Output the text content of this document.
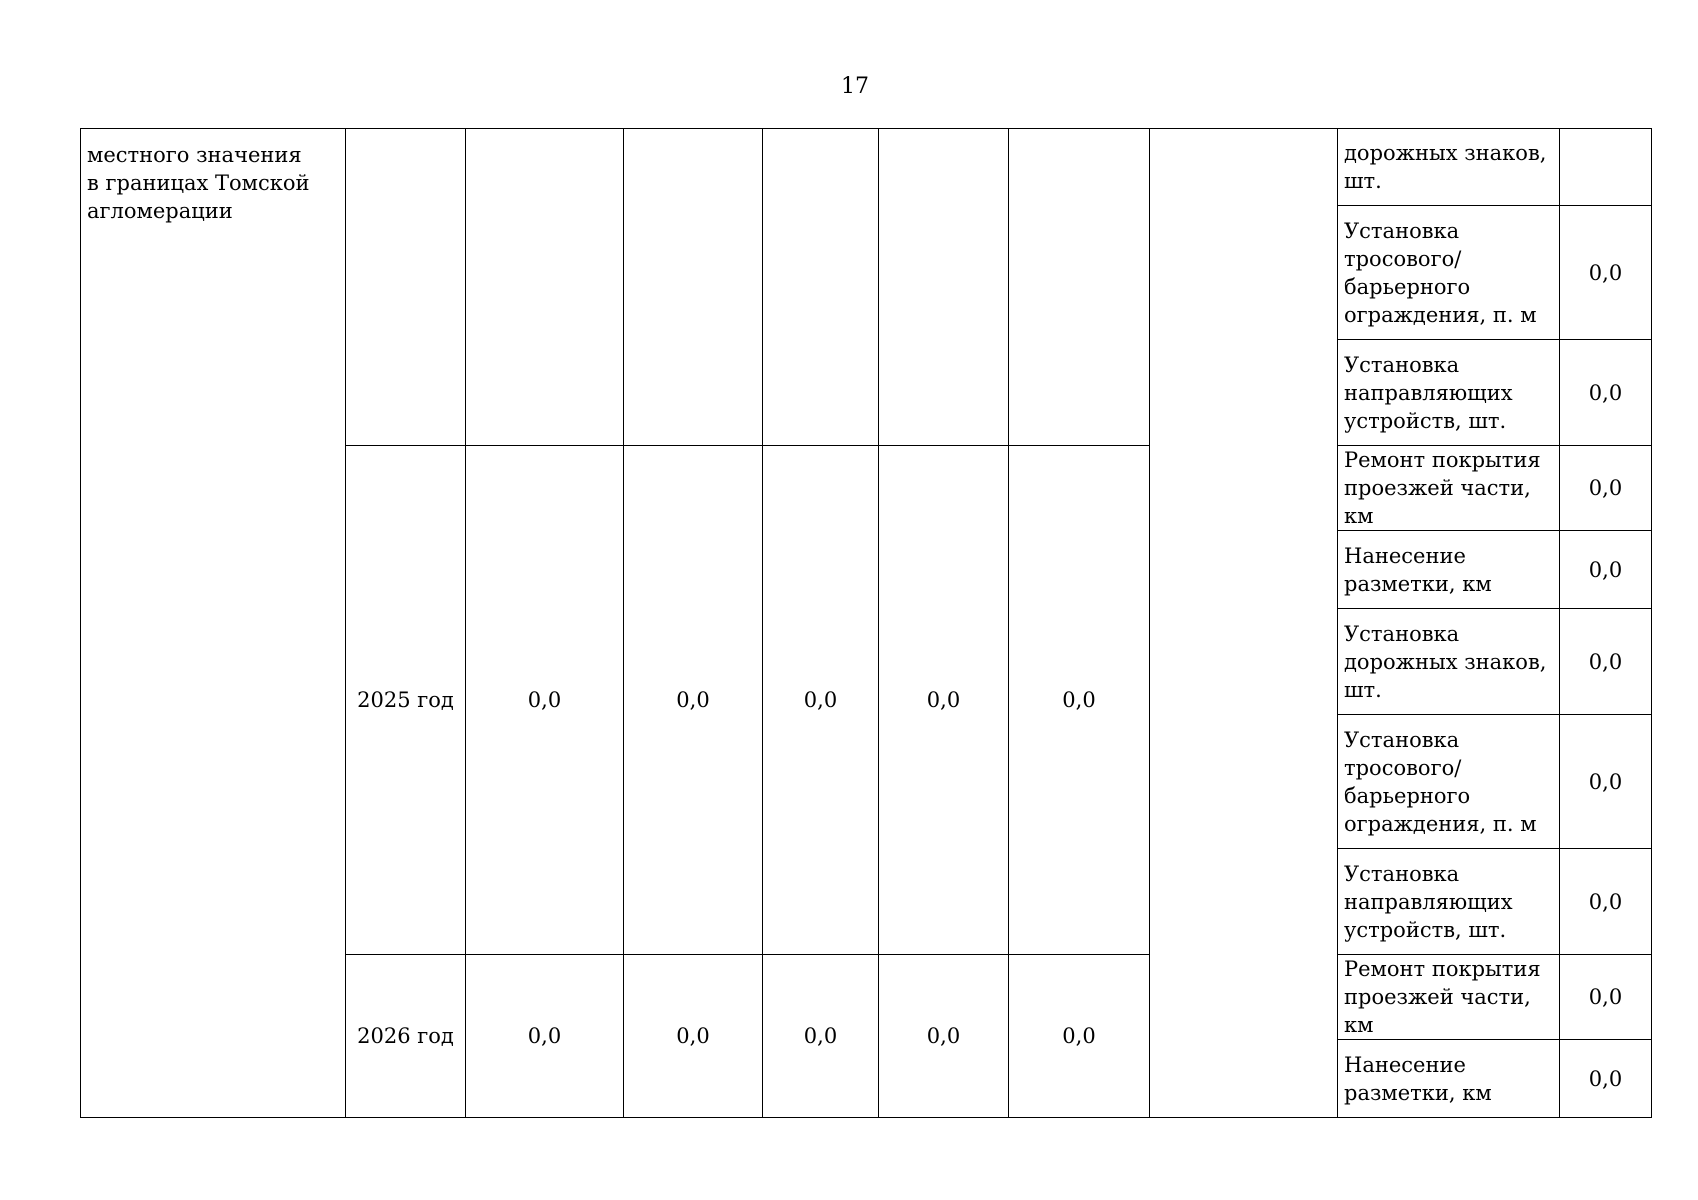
17
местного значения
в границах Томской
агломерации								дорожных знаков,
шт.	
								Установка
тросового/
барьерного
ограждения, п. м	0,0
								Установка
направляющих
устройств, шт.	0,0
	2025 год	0,0	0,0	0,0	0,0	0,0		Ремонт покрытия
проезжей части, км	0,0
								Нанесение
разметки, км	0,0
								Установка
дорожных знаков,
шт.	0,0
								Установка
тросового/
барьерного
ограждения, п. м	0,0
								Установка
направляющих
устройств, шт.	0,0
	2026 год	0,0	0,0	0,0	0,0	0,0		Ремонт покрытия
проезжей части, км	0,0
								Нанесение
разметки, км	0,0
